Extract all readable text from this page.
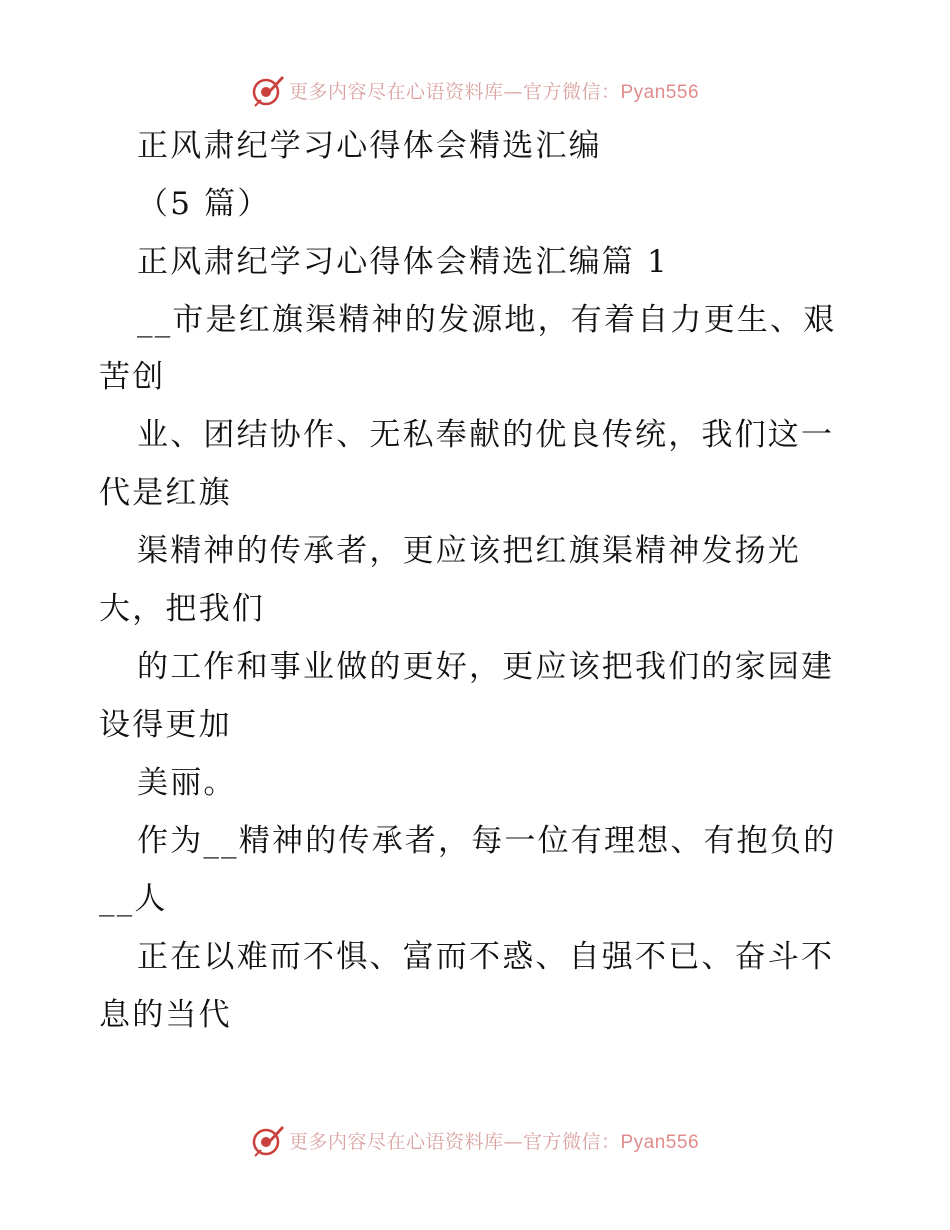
更多内容尽在心语资料库—官方微信：Pyan556
正风肃纪学习心得体会精选汇编
（5 篇）
正风肃纪学习心得体会精选汇编篇 1
__市是红旗渠精神的发源地，有着自力更生、艰
苦创
业、团结协作、无私奉献的优良传统，我们这一
代是红旗
渠精神的传承者，更应该把红旗渠精神发扬光
大，把我们
的工作和事业做的更好，更应该把我们的家园建
设得更加
美丽。
作为__精神的传承者，每一位有理想、有抱负的
__人
正在以难而不惧、富而不惑、自强不已、奋斗不
息的当代
更多内容尽在心语资料库—官方微信：Pyan556
